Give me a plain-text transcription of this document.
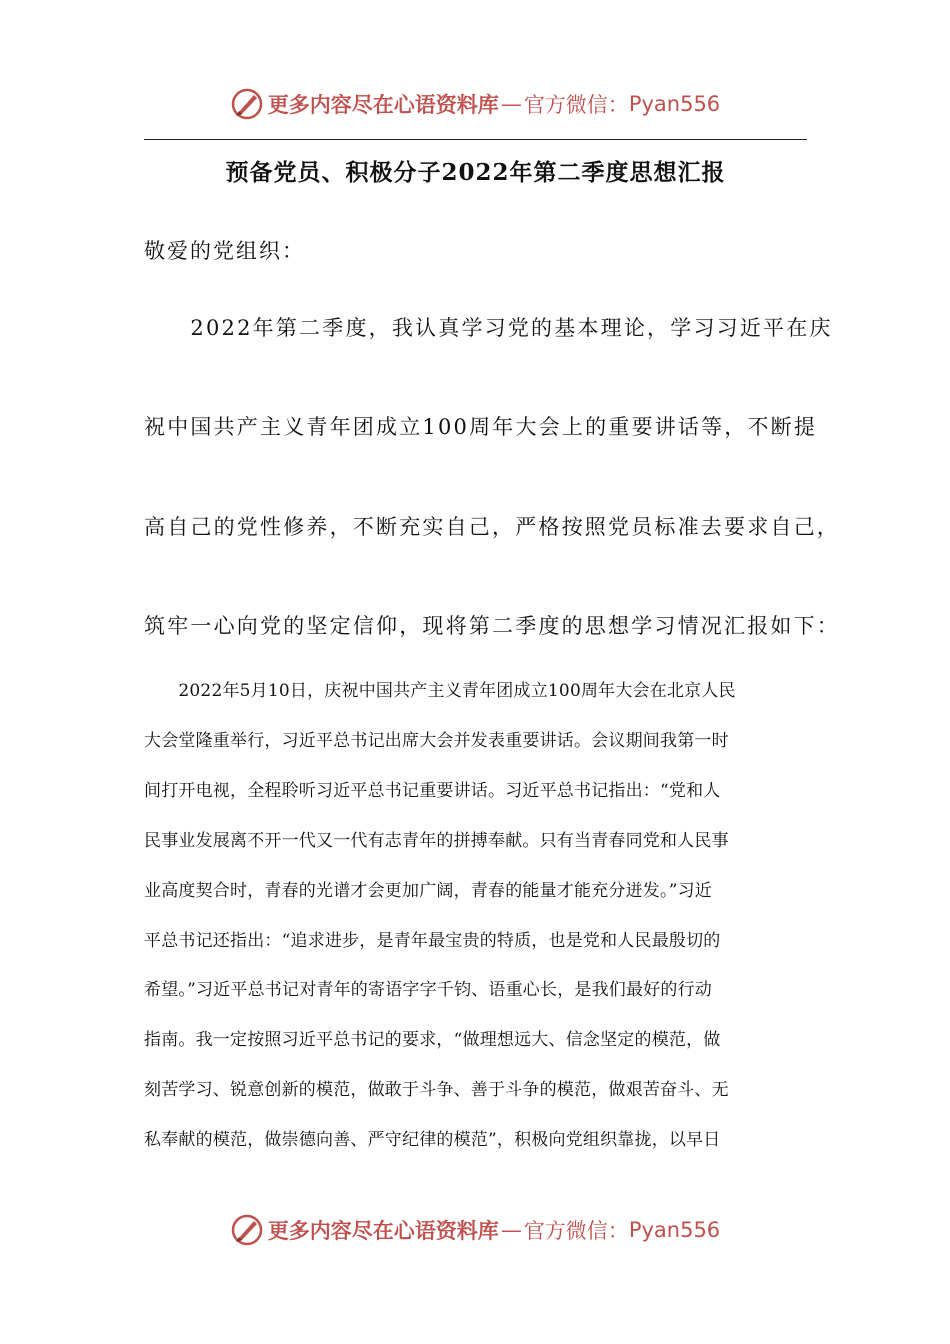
更多内容尽在心语资料库 — 官方微信： Pyan556
预备党员、积极分子2022年第二季度思想汇报
敬爱的党组织：
　　2022年第二季度，我认真学习党的基本理论，学习习近平在庆
祝中国共产主义青年团成立100周年大会上的重要讲话等，不断提
高自己的党性修养，不断充实自己，严格按照党员标准去要求自己，
筑牢一心向党的坚定信仰，现将第二季度的思想学习情况汇报如下：
　　2022年5月10日，庆祝中国共产主义青年团成立100周年大会在北京人民
大会堂隆重举行，习近平总书记出席大会并发表重要讲话。会议期间我第一时
间打开电视，全程聆听习近平总书记重要讲话。习近平总书记指出：“党和人
民事业发展离不开一代又一代有志青年的拼搏奉献。只有当青春同党和人民事
业高度契合时，青春的光谱才会更加广阔，青春的能量才能充分迸发。”习近
平总书记还指出：“追求进步，是青年最宝贵的特质，也是党和人民最殷切的
希望。”习近平总书记对青年的寄语字字千钧、语重心长，是我们最好的行动
指南。我一定按照习近平总书记的要求，“做理想远大、信念坚定的模范，做
刻苦学习、锐意创新的模范，做敢于斗争、善于斗争的模范，做艰苦奋斗、无
私奉献的模范，做崇德向善、严守纪律的模范”，积极向党组织靠拢，以早日
更多内容尽在心语资料库 — 官方微信： Pyan556
